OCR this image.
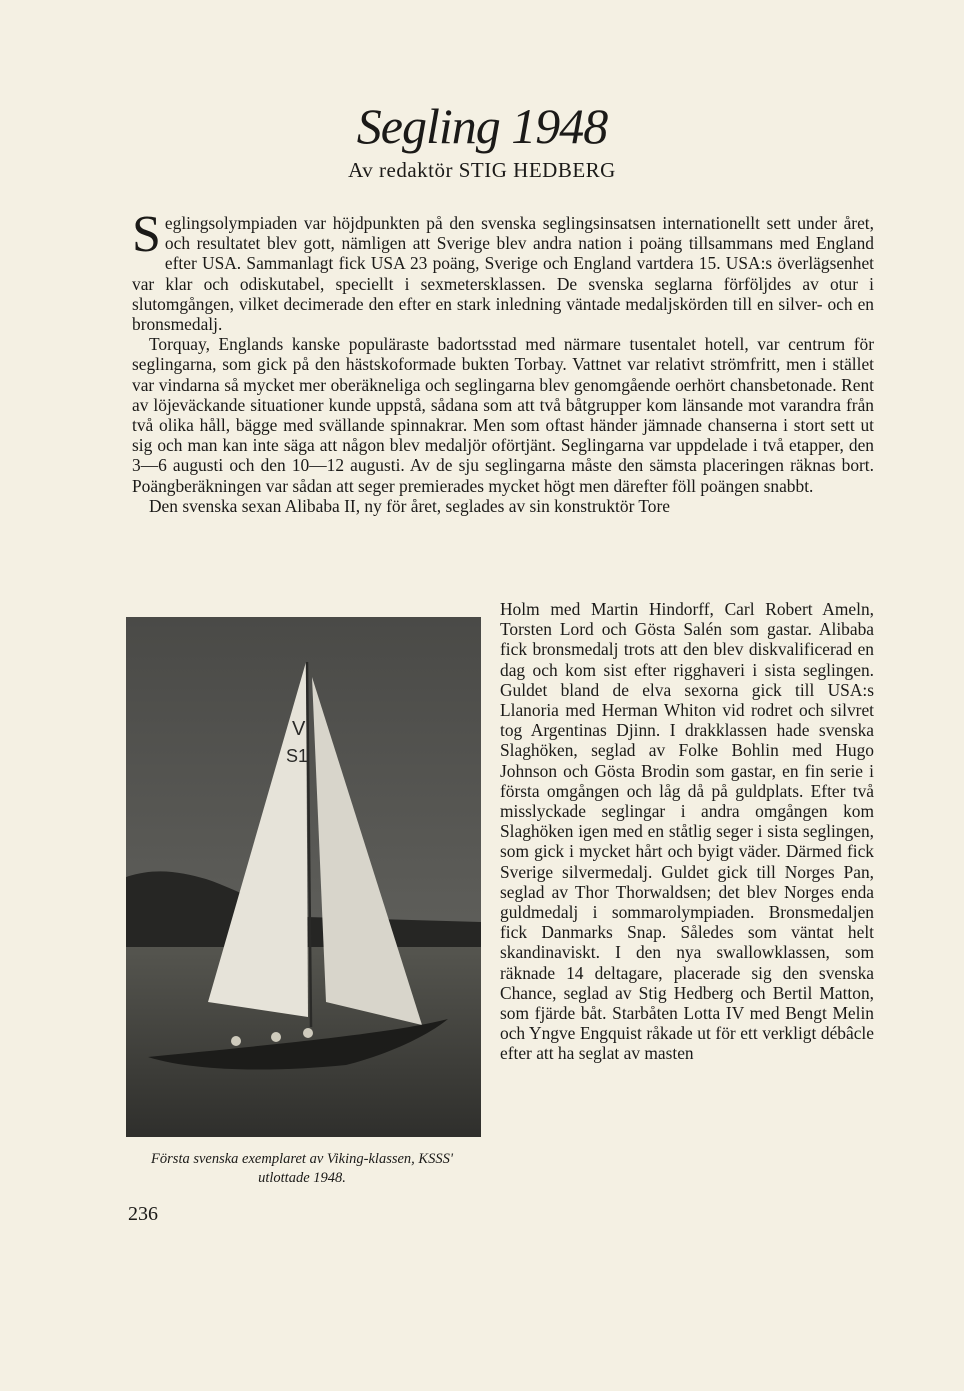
Segling 1948
Av redaktör STIG HEDBERG

Seglingsolympiaden var höjdpunkten på den svenska seglingsinsatsen internationellt sett under året, och resultatet blev gott, nämligen att Sverige blev andra nation i poäng tillsammans med England efter USA. Sammanlagt fick USA 23 poäng, Sverige och England vartdera 15. USA:s överlägsenhet var klar och odiskutabel, speciellt i sexmetersklassen. De svenska seglarna förföljdes av otur i slutomgången, vilket decimerade den efter en stark inledning väntade medaljskörden till en silver- och en bronsmedalj.

Torquay, Englands kanske populäraste badortsstad med närmare tusentalet hotell, var centrum för seglingarna, som gick på den hästskoformade bukten Torbay. Vattnet var relativt strömfritt, men i stället var vindarna så mycket mer oberäkneliga och seglingarna blev genomgående oerhört chansbetonade. Rent av löjeväckande situationer kunde uppstå, sådana som att två båtgrupper kom länsande mot varandra från två olika håll, bägge med svällande spinnakrar. Men som oftast händer jämnade chanserna i stort sett ut sig och man kan inte säga att någon blev medaljör oförtjänt. Seglingarna var uppdelade i två etapper, den 3—6 augusti och den 10—12 augusti. Av de sju seglingarna måste den sämsta placeringen räknas bort. Poängberäkningen var sådan att seger premierades mycket högt men därefter föll poängen snabbt.

Den svenska sexan Alibaba II, ny för året, seglades av sin konstruktör Tore

V
S1
Första svenska exemplaret av Viking-klassen, KSSS' utlottade 1948.
Holm med Martin Hindorff, Carl Robert Ameln, Torsten Lord och Gösta Salén som gastar. Alibaba fick bronsmedalj trots att den blev diskvalificerad en dag och kom sist efter rigghaveri i sista seglingen. Guldet bland de elva sexorna gick till USA:s Llanoria med Herman Whiton vid rodret och silvret tog Argentinas Djinn. I drakklassen hade svenska Slaghöken, seglad av Folke Bohlin med Hugo Johnson och Gösta Brodin som gastar, en fin serie i första omgången och låg då på guldplats. Efter två misslyckade seglingar i andra omgången kom Slaghöken igen med en ståtlig seger i sista seglingen, som gick i mycket hårt och byigt väder. Därmed fick Sverige silvermedalj. Guldet gick till Norges Pan, seglad av Thor Thorwaldsen; det blev Norges enda guldmedalj i sommarolympiaden. Bronsmedaljen fick Danmarks Snap. Således som väntat helt skandinaviskt. I den nya swallowklassen, som räknade 14 deltagare, placerade sig den svenska Chance, seglad av Stig Hedberg och Bertil Matton, som fjärde båt. Starbåten Lotta IV med Bengt Melin och Yngve Engquist råkade ut för ett verkligt débâcle efter att ha seglat av masten
236
